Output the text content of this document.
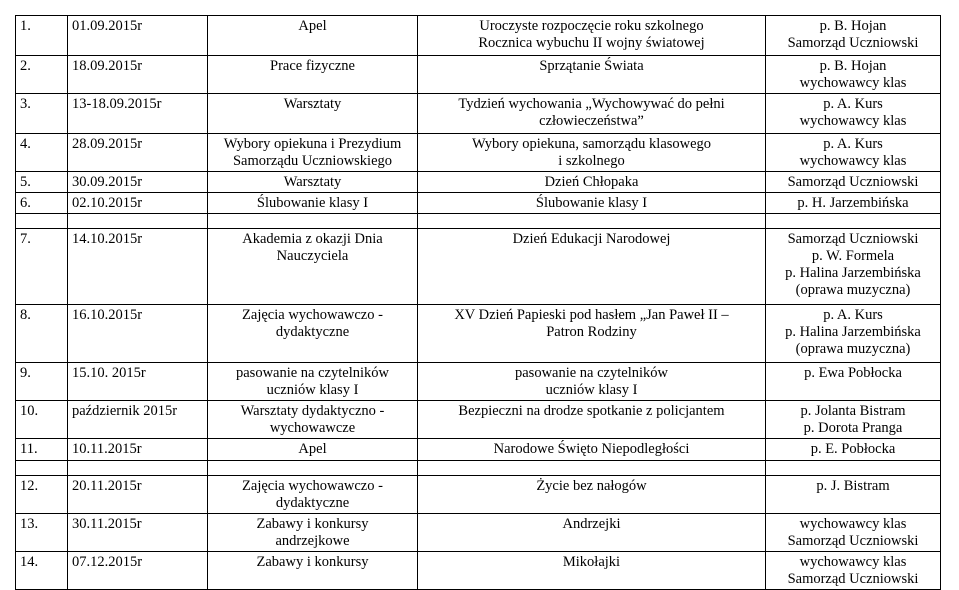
1.	01.09.2015r	Apel	Uroczyste rozpoczęcie roku szkolnego
Rocznica wybuchu II wojny światowej	p. B. Hojan
Samorząd Uczniowski
2.	18.09.2015r	Prace fizyczne	Sprzątanie Świata	p. B. Hojan
wychowawcy klas
3.	13-18.09.2015r	Warsztaty	Tydzień wychowania „Wychowywać do pełni
człowieczeństwa”	p. A. Kurs
wychowawcy klas
4.	28.09.2015r	Wybory opiekuna i Prezydium
Samorządu Uczniowskiego	Wybory opiekuna, samorządu klasowego
i szkolnego	p. A. Kurs
wychowawcy klas
5.	30.09.2015r	Warsztaty	Dzień Chłopaka	Samorząd Uczniowski
6.	02.10.2015r	Ślubowanie klasy I	Ślubowanie klasy I	p. H. Jarzembińska

7.	14.10.2015r	Akademia z okazji Dnia
Nauczyciela	Dzień Edukacji Narodowej	Samorząd Uczniowski
p. W. Formela
p. Halina Jarzembińska
(oprawa muzyczna)
8.	16.10.2015r	Zajęcia wychowawczo -
dydaktyczne	XV Dzień Papieski pod hasłem „Jan Paweł II –
Patron Rodziny	p. A. Kurs
p. Halina Jarzembińska
(oprawa muzyczna)
9.	15.10. 2015r	pasowanie na czytelników
uczniów klasy I	pasowanie na czytelników
uczniów klasy I	p. Ewa Pobłocka
10.	październik 2015r	Warsztaty dydaktyczno -
wychowawcze	Bezpieczni na drodze spotkanie z policjantem	p. Jolanta Bistram
p. Dorota Pranga
11.	10.11.2015r	Apel	Narodowe Święto Niepodległości	p. E. Pobłocka

12.	20.11.2015r	Zajęcia wychowawczo -
dydaktyczne	Życie bez nałogów	p. J. Bistram
13.	30.11.2015r	Zabawy i konkursy
andrzejkowe	Andrzejki	wychowawcy klas
Samorząd Uczniowski
14.	07.12.2015r	Zabawy i konkursy	Mikołajki	wychowawcy klas
Samorząd Uczniowski
